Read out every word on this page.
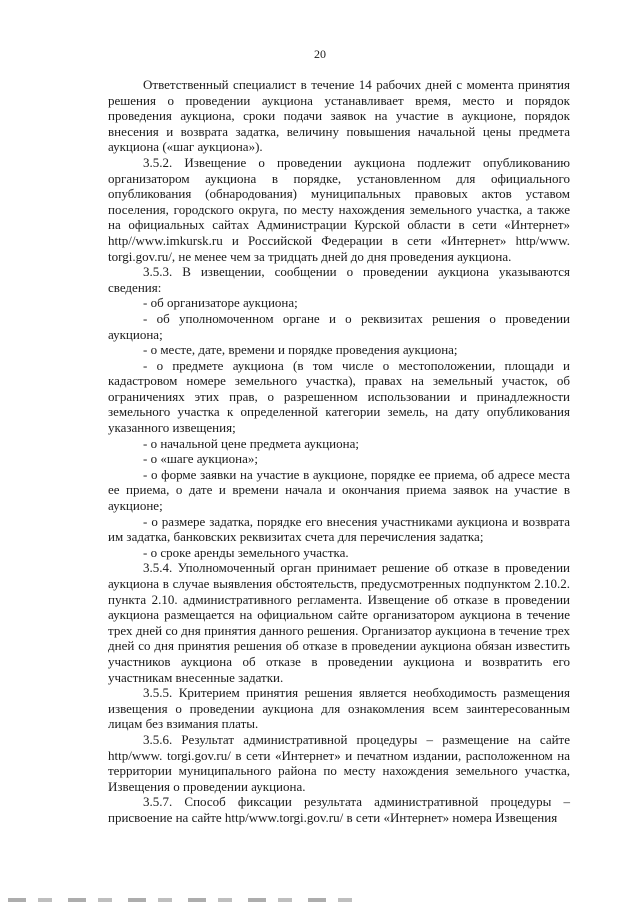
20

Ответственный специалист в течение 14 рабочих дней с момента принятия решения о проведении аукциона устанавливает время, место и порядок проведения аукциона, сроки подачи заявок на участие в аукционе, порядок внесения и возврата задатка, величину повышения начальной цены предмета аукциона («шаг аукциона»).

3.5.2. Извещение о проведении аукциона подлежит опубликованию организатором аукциона в порядке, установленном для официального опубликования (обнародования) муниципальных правовых актов уставом поселения, городского округа, по месту нахождения земельного участка, а также на официальных сайтах Администрации Курской области в сети «Интернет» http//www.imkursk.ru и Российской Федерации в сети «Интернет» http/www. torgi.gov.ru/, не менее чем за тридцать дней до дня проведения аукциона.

3.5.3. В извещении, сообщении о проведении аукциона указываются сведения:

- об организаторе аукциона;

- об уполномоченном органе и о реквизитах решения о проведении аукциона;

- о месте, дате, времени и порядке проведения аукциона;

- о предмете аукциона (в том числе о местоположении, площади и кадастровом номере земельного участка), правах на земельный участок, об ограничениях этих прав, о разрешенном использовании и принадлежности земельного участка к определенной категории земель, на дату опубликования указанного извещения;

- о начальной цене предмета аукциона;

- о «шаге аукциона»;

- о форме заявки на участие в аукционе, порядке ее приема, об адресе места ее приема, о дате и времени начала и окончания приема заявок на участие в аукционе;

- о размере задатка, порядке его внесения участниками аукциона и возврата им задатка, банковских реквизитах счета для перечисления задатка;

- о сроке аренды земельного участка.

3.5.4. Уполномоченный орган принимает решение об отказе в проведении аукциона в случае выявления обстоятельств, предусмотренных подпунктом 2.10.2. пункта 2.10. административного регламента. Извещение об отказе в проведении аукциона размещается на официальном сайте организатором аукциона в течение трех дней со дня принятия данного решения. Организатор аукциона в течение трех дней со дня принятия решения об отказе в проведении аукциона обязан известить участников аукциона об отказе в проведении аукциона и возвратить его участникам внесенные задатки.

3.5.5. Критерием принятия решения является необходимость размещения извещения о проведении аукциона для ознакомления всем заинтересованным лицам без взимания платы.

3.5.6. Результат административной процедуры – размещение на сайте http/www. torgi.gov.ru/ в сети «Интернет» и печатном издании, расположенном на территории муниципального района по месту нахождения земельного участка, Извещения о проведении аукциона.

3.5.7. Способ фиксации результата административной процедуры – присвоение на сайте http/www.torgi.gov.ru/ в сети «Интернет» номера Извещения
